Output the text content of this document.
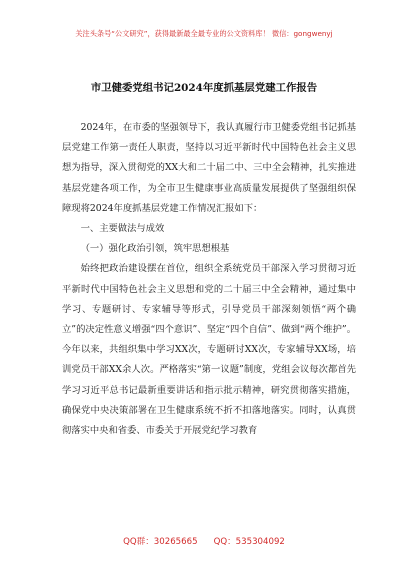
关注头条号“公文研究”，获得最新最全最专业的公文资料库！ 微信：gongwenyj
市卫健委党组书记2024年度抓基层党建工作报告

2024年，在市委的坚强领导下，我认真履行市卫健委党组书记抓基层党建工作第一责任人职责，坚持以习近平新时代中国特色社会主义思想为指导，深入贯彻党的XX大和二十届二中、三中全会精神，扎实推进基层党建各项工作，为全市卫生健康事业高质量发展提供了坚强组织保障现将2024年度抓基层党建工作情况汇报如下：

一、主要做法与成效
（一）强化政治引领，筑牢思想根基

始终把政治建设摆在首位，组织全系统党员干部深入学习贯彻习近平新时代中国特色社会主义思想和党的二十届三中全会精神，通过集中学习、专题研讨、专家辅导等形式，引导党员干部深刻领悟“两个确立”的决定性意义增强“四个意识”、坚定“四个自信”、做到“两个维护”。今年以来，共组织集中学习XX次，专题研讨XX次，专家辅导XX场，培训党员干部XX余人次。严格落实“第一议题”制度，党组会议每次都首先学习习近平总书记最新重要讲话和指示批示精神，研究贯彻落实措施，确保党中央决策部署在卫生健康系统不折不扣落地落实。同时，认真贯彻落实中央和省委、市委关于开展党纪学习教育

QQ群：30265665 QQ：535304092
